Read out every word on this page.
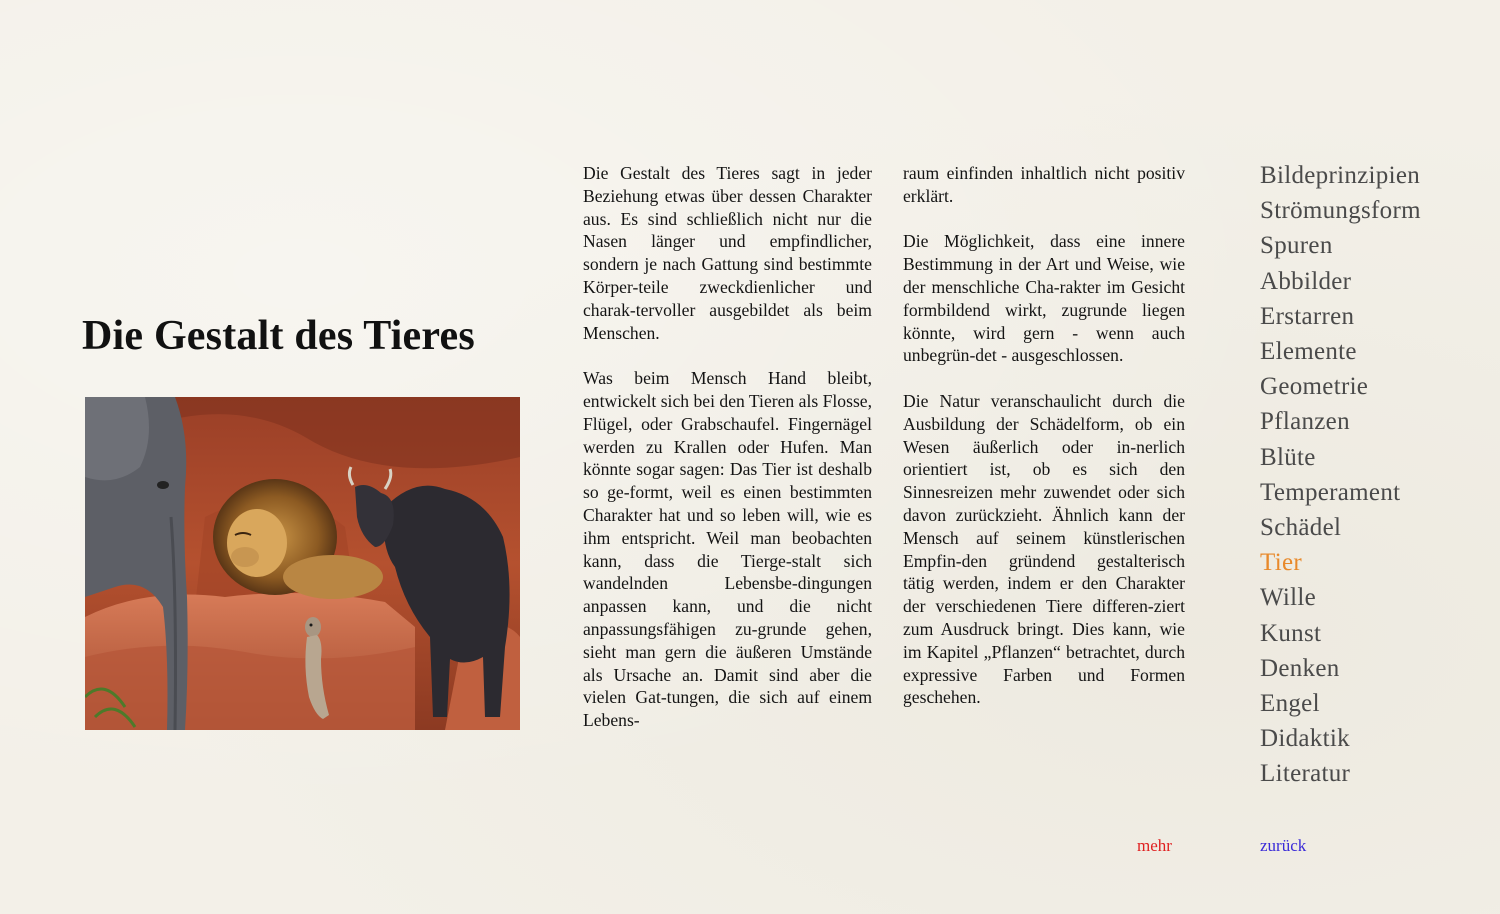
Die Gestalt des Tieres

Die Gestalt des Tieres sagt in jeder Beziehung etwas über dessen Charakter aus. Es sind schließlich nicht nur die Nasen länger und empfindlicher, sondern je nach Gattung sind bestimmte Körper-teile zweckdienlicher und charak-tervoller ausgebildet als beim Menschen.

Was beim Mensch Hand bleibt, entwickelt sich bei den Tieren als Flosse, Flügel, oder Grabschaufel. Fingernägel werden zu Krallen oder Hufen. Man könnte sogar sagen: Das Tier ist deshalb so ge-formt, weil es einen bestimmten Charakter hat und so leben will, wie es ihm entspricht. Weil man beobachten kann, dass die Tierge-stalt sich wandelnden Lebensbe-dingungen anpassen kann, und die nicht anpassungsfähigen zu-grunde gehen, sieht man gern die äußeren Umstände als Ursache an. Damit sind aber die vielen Gat-tungen, die sich auf einem Lebens-

raum einfinden inhaltlich nicht positiv erklärt.

Die Möglichkeit, dass eine innere Bestimmung in der Art und Weise, wie der menschliche Cha-rakter im Gesicht formbildend wirkt, zugrunde liegen könnte, wird gern - wenn auch unbegrün-det - ausgeschlossen.

Die Natur veranschaulicht durch die Ausbildung der Schädelform, ob ein Wesen äußerlich oder in-nerlich orientiert ist, ob es sich den Sinnesreizen mehr zuwendet oder sich davon zurückzieht. Ähnlich kann der Mensch auf seinem künstlerischen Empfin-den gründend gestalterisch tätig werden, indem er den Charakter der verschiedenen Tiere differen-ziert zum Ausdruck bringt. Dies kann, wie im Kapitel „Pflanzen“ betrachtet, durch expressive Farben und Formen geschehen.

Bildeprinzipien
Strömungsform
Spuren
Abbilder
Erstarren
Elemente
Geometrie
Pflanzen
Blüte
Temperament
Schädel
Tier
Wille
Kunst
Denken
Engel
Didaktik
Literatur
mehr	zurück
